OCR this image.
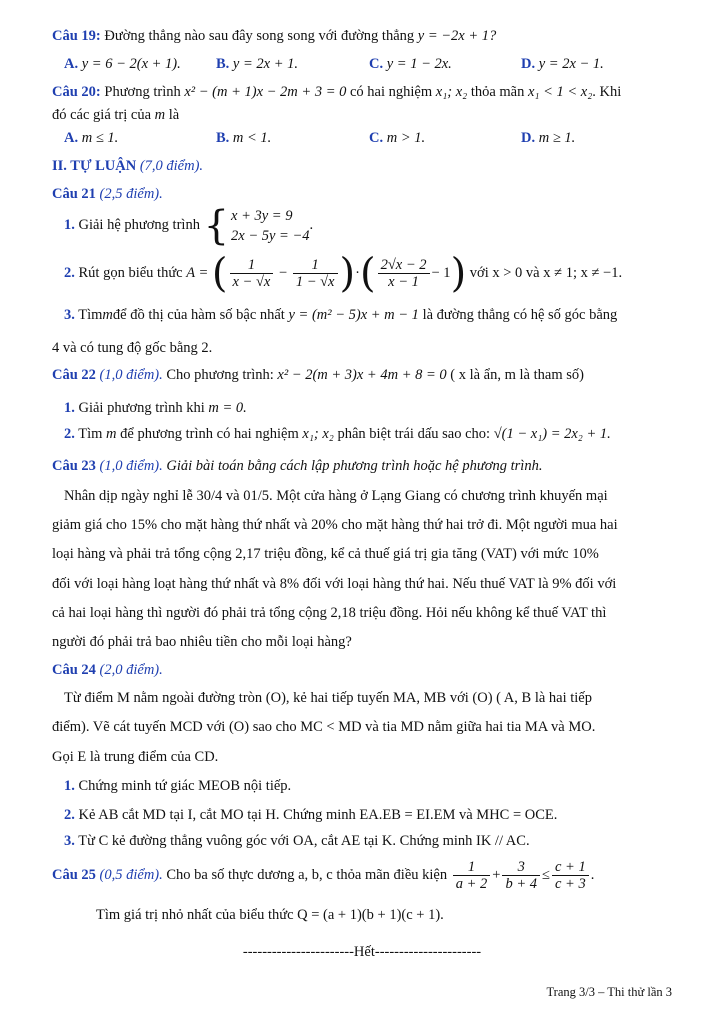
Câu 19: Đường thẳng nào sau đây song song với đường thẳng y = −2x + 1?
A. y = 6 − 2(x + 1). B. y = 2x + 1.	C. y = 1 − 2x.	D. y = 2x − 1.
Câu 20: Phương trình x² − (m + 1)x − 2m + 3 = 0 có hai nghiệm x₁; x₂ thỏa mãn x₁ < 1 < x₂. Khi
đó các giá trị của m là
A. m ≤ 1.	B. m < 1.	C. m > 1.	D. m ≥ 1.
II. TỰ LUẬN (7,0 điểm).
Câu 21 (2,5 điểm).
1. Giải hệ phương trình { x + 3y = 9
2x − 5y = −4
.
2. Rút gọn biểu thức A = ( $\frac{1}{x - √x} - \frac{1}{1 - √x}$ )·( $\frac{2√x - 2}{x - 1} - 1$) với x > 0 và x ≠ 1; x ≠ −1.
3. Tìmmđể đồ thị của hàm số bậc nhất y = (m² − 5)x + m − 1 là đường thẳng có hệ số góc bằng
4 và có tung độ gốc bằng 2.
Câu 22 (1,0 điểm). Cho phương trình: x² − 2(m + 3)x + 4m + 8 = 0 ( x là ẩn, m là tham số)
1. Giải phương trình khi m = 0.
2. Tìm m để phương trình có hai nghiệm x₁; x₂ phân biệt trái dấu sao cho: √(1 − x₁) = 2x₂ + 1.
Câu 23 (1,0 điểm). Giải bài toán bằng cách lập phương trình hoặc hệ phương trình.
Nhân dịp ngày nghỉ lễ 30/4 và 01/5. Một cửa hàng ở Lạng Giang có chương trình khuyến mại
giảm giá cho 15% cho mặt hàng thứ nhất và 20% cho mặt hàng thứ hai trở đi. Một người mua hai
loại hàng và phải trả tổng cộng 2,17 triệu đồng, kể cả thuế giá trị gia tăng (VAT) với mức 10%
đối với loại hàng loạt hàng thứ nhất và 8% đối với loại hàng thứ hai. Nếu thuế VAT là 9% đối với
cả hai loại hàng thì người đó phải trả tổng cộng 2,18 triệu đồng. Hỏi nếu không kể thuế VAT thì
người đó phải trả bao nhiêu tiền cho mỗi loại hàng?
Câu 24 (2,0 điểm).
Từ điểm M nằm ngoài đường tròn (O), kẻ hai tiếp tuyến MA, MB với (O) ( A, B là hai tiếp
điểm). Vẽ cát tuyến MCD với (O) sao cho MC < MD và tia MD nằm giữa hai tia MA và MO.
Gọi E là trung điểm của CD.
1. Chứng minh tứ giác MEOB nội tiếp.
2. Kẻ AB cắt MD tại I, cắt MO tại H. Chứng minh EA.EB = EI.EM và MHC = OCE.
3. Từ C kẻ đường thẳng vuông góc với OA, cắt AE tại K. Chứng minh IK // AC.
Câu 25 (0,5 điểm). Cho ba số thực dương a, b, c thỏa mãn điều kiện $\frac{1}{a + 2} + \frac{3}{b + 4} \le \frac{c + 1}{c + 3}$ .
Tìm giá trị nhỏ nhất của biểu thức Q = (a + 1)(b + 1)(c + 1).
-----------------------Hết----------------------
Trang 3/3 – Thi thử lần 3
